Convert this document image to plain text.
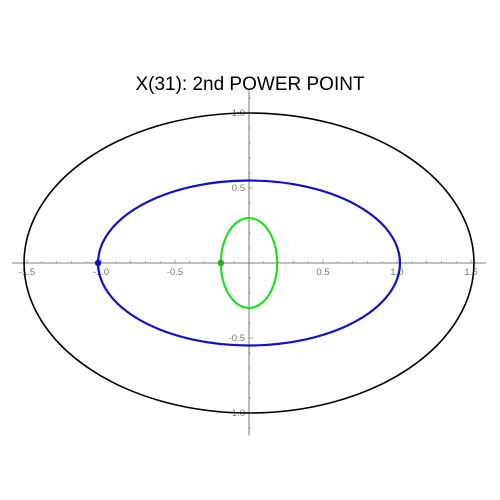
X(31): 2nd POWER POINT
-1.5	-1.0	-0.5	0.5	1.0	1.5
1.0
0.5
-0.5
-1.0
